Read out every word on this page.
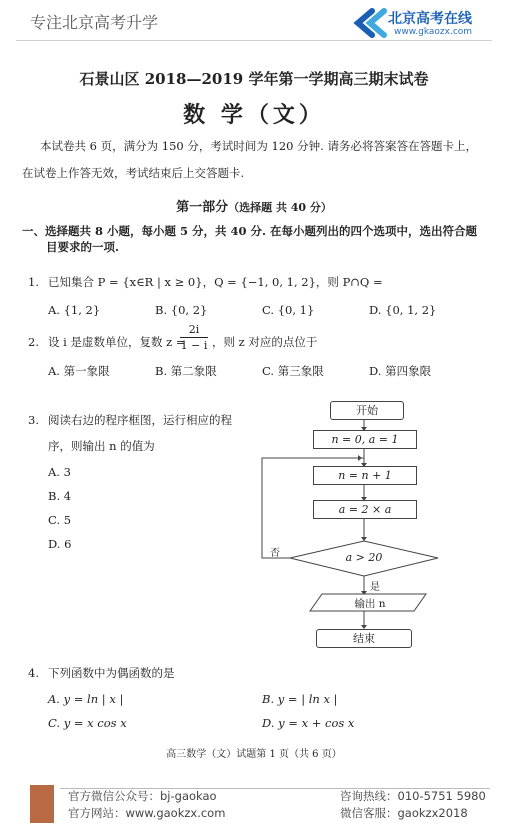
专注北京高考升学	北京高考在线
www.gkaozx.com
石景山区 2018—2019 学年第一学期高三期末试卷
数 学（文）
本试卷共 6 页，满分为 150 分，考试时间为 120 分钟. 请务必将答案答在答题卡上，
在试卷上作答无效，考试结束后上交答题卡.
第一部分（选择题 共 40 分）
一、选择题共 8 小题，每小题 5 分，共 40 分. 在每小题列出的四个选项中，选出符合题
目要求的一项.
1. 已知集合 P = {x∈R | x ≥ 0}，Q = {−1, 0, 1, 2}，则 P∩Q =
A. {1, 2}	B. {0, 2}	C. {0, 1}	D. {0, 1, 2}
2. 设 i 是虚数单位，复数 z =
$\frac{2i}{1 - i}$ ，则 z 对应的点位于
A. 第一象限	B. 第二象限	C. 第三象限	D. 第四象限
3. 阅读右边的程序框图，运行相应的程
序，则输出 n 的值为
A. 3
B. 4
C. 5
D. 6
开始
n = 0, a = 1
n = n + 1
a = 2 × a
a > 20
否
是
输出 n
结束
4. 下列函数中为偶函数的是
A. y = ln | x |	B. y = | ln x |
C. y = x cos x	D. y = x + cos x
高三数学（文）试题第 1 页（共 6 页）
官方微信公众号：bj-gaokao
官方网站：www.gaokzx.com
咨询热线：010-5751 5980
微信客服：gaokzx2018
